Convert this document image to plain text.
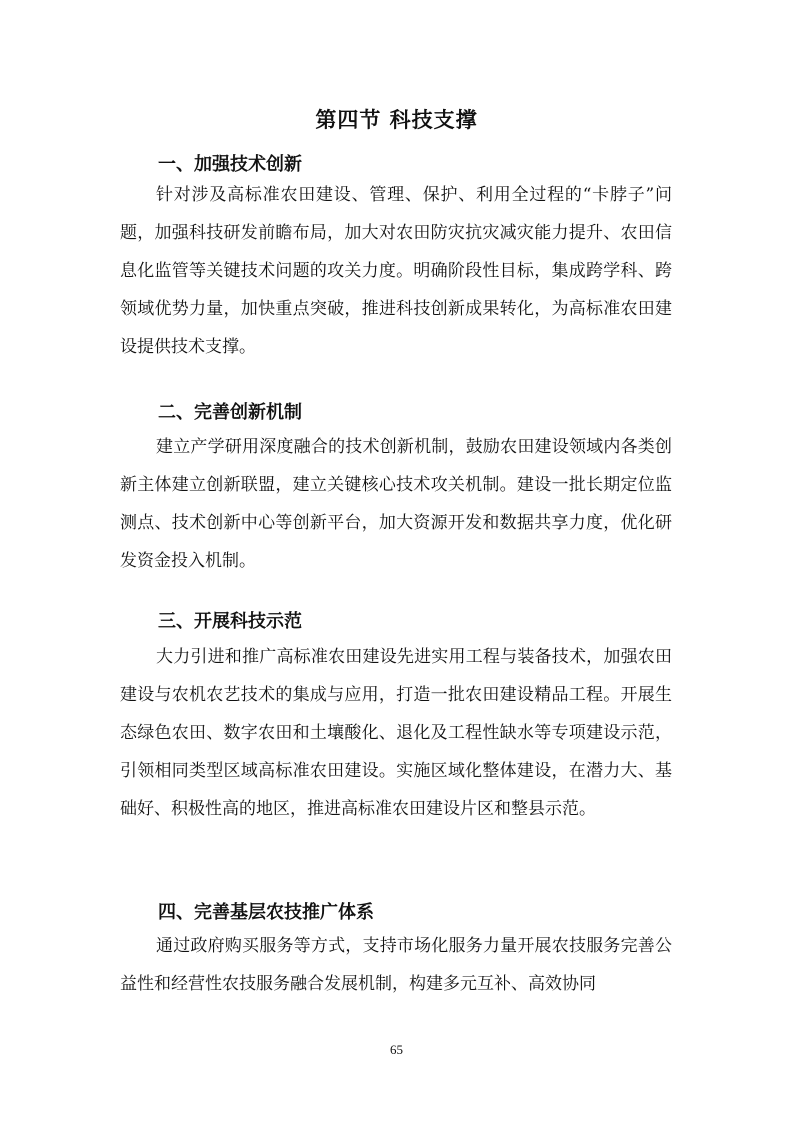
第四节 科技支撑
一、加强技术创新

针对涉及高标准农田建设、管理、保护、利用全过程的“卡脖子”问题，加强科技研发前瞻布局，加大对农田防灾抗灾减灾能力提升、农田信息化监管等关键技术问题的攻关力度。明确阶段性目标，集成跨学科、跨领域优势力量，加快重点突破，推进科技创新成果转化，为高标准农田建设提供技术支撑。

二、完善创新机制

建立产学研用深度融合的技术创新机制，鼓励农田建设领域内各类创新主体建立创新联盟，建立关键核心技术攻关机制。建设一批长期定位监测点、技术创新中心等创新平台，加大资源开发和数据共享力度，优化研发资金投入机制。

三、开展科技示范

大力引进和推广高标准农田建设先进实用工程与装备技术，加强农田建设与农机农艺技术的集成与应用，打造一批农田建设精品工程。开展生态绿色农田、数字农田和土壤酸化、退化及工程性缺水等专项建设示范，引领相同类型区域高标准农田建设。实施区域化整体建设，在潜力大、基础好、积极性高的地区，推进高标准农田建设片区和整县示范。

四、完善基层农技推广体系

通过政府购买服务等方式，支持市场化服务力量开展农技服务完善公益性和经营性农技服务融合发展机制，构建多元互补、高效协同

65
